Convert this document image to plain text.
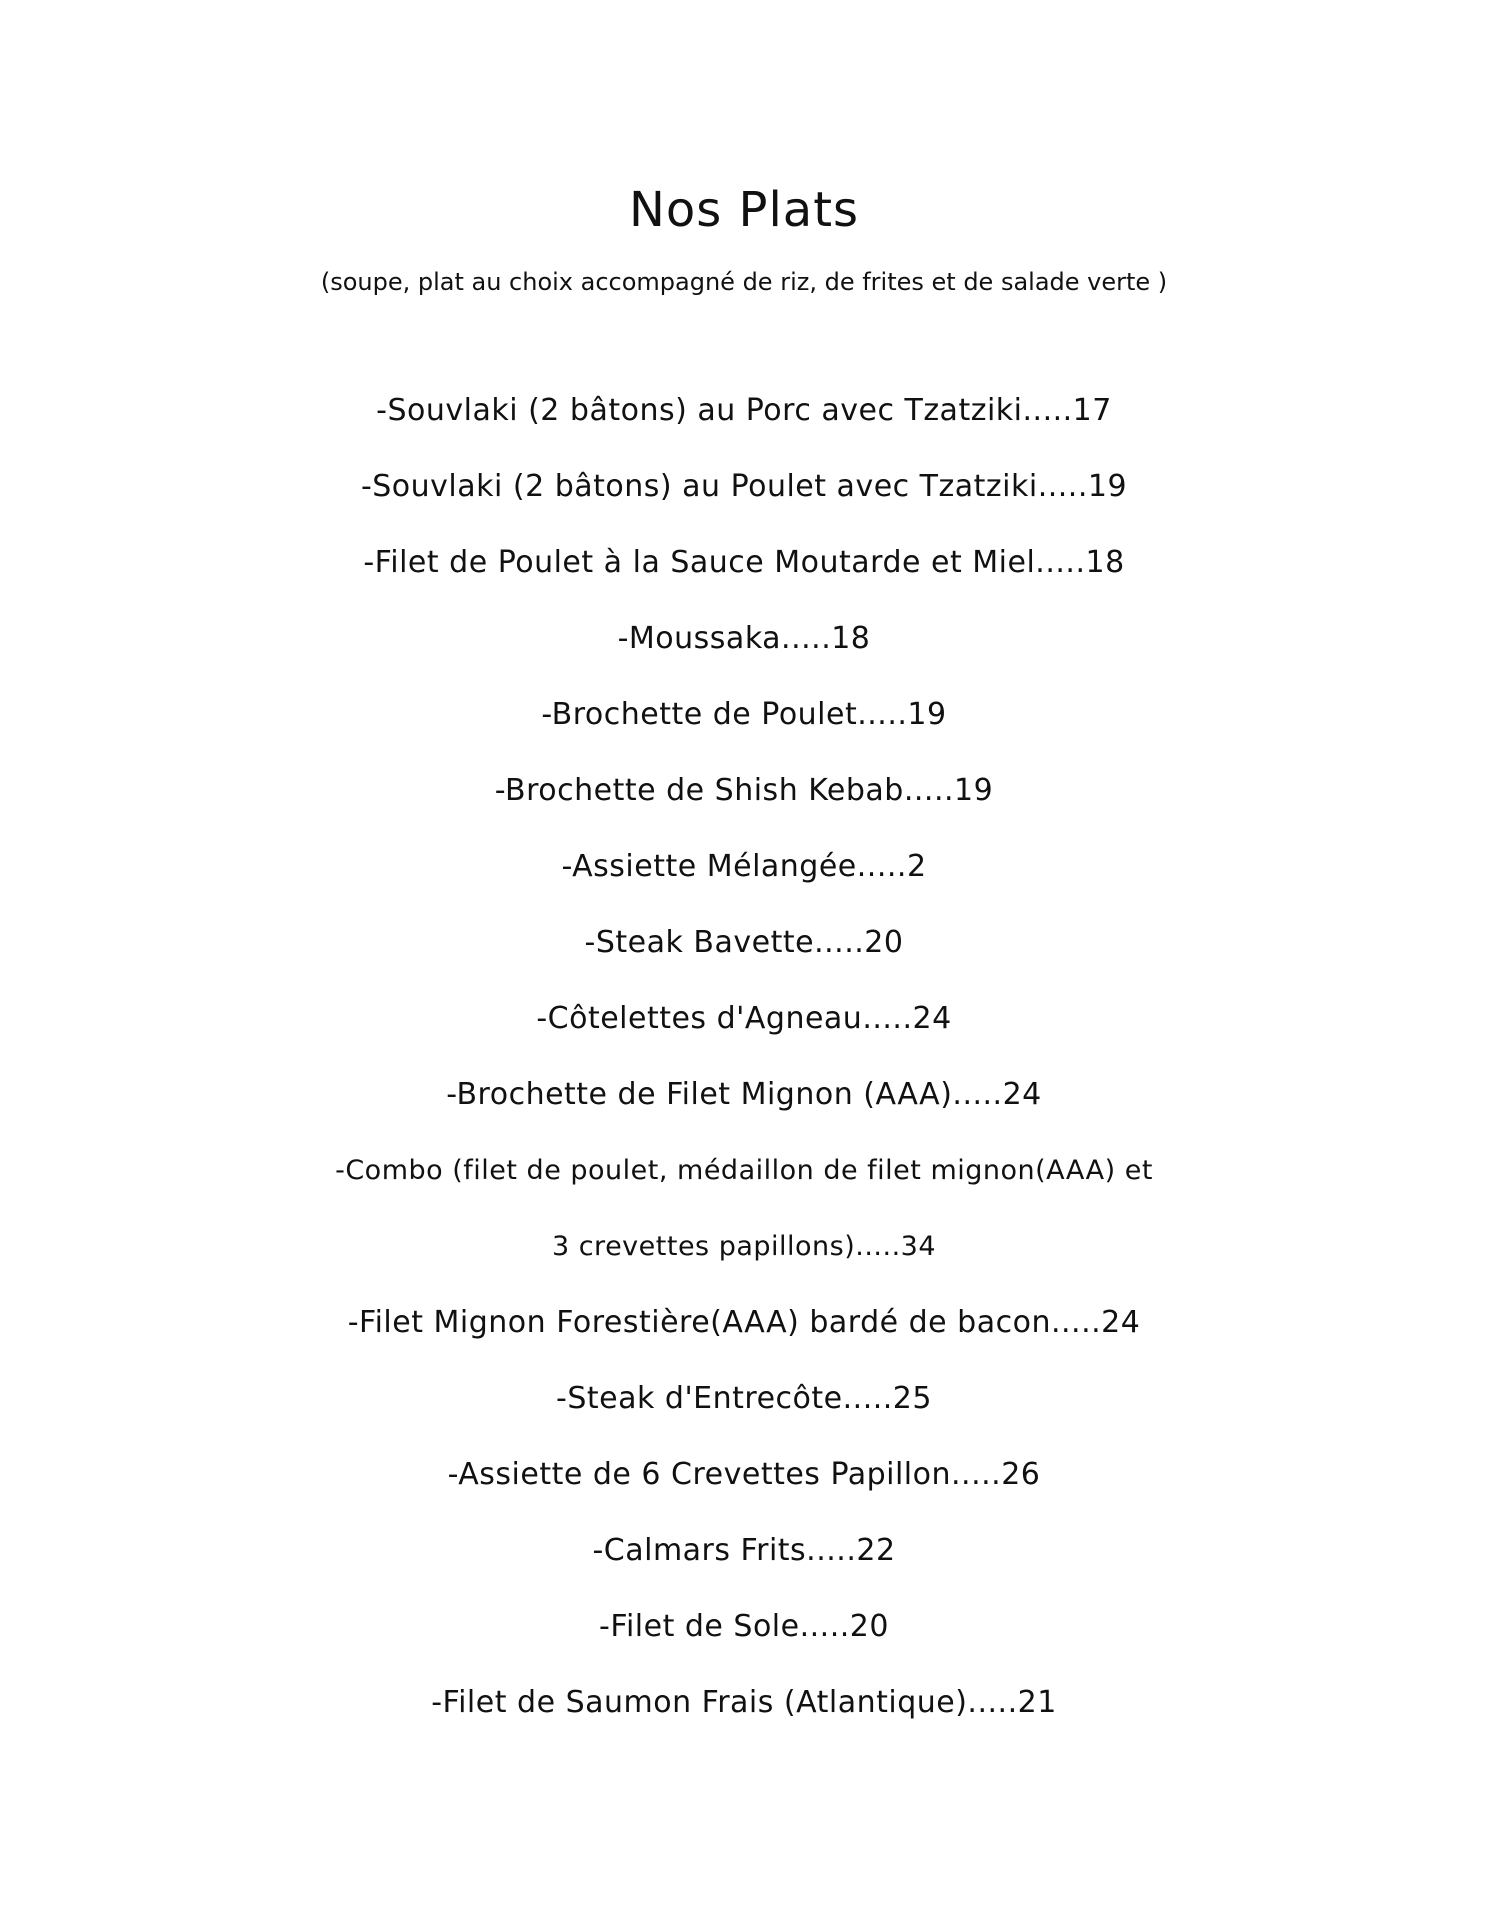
Nos Plats

(soupe, plat au choix accompagné de riz, de frites et de salade verte )

-Souvlaki (2 bâtons) au Porc avec Tzatziki.....17
-Souvlaki (2 bâtons) au Poulet avec Tzatziki.....19
-Filet de Poulet à la Sauce Moutarde et Miel.....18
-Moussaka.....18
-Brochette de Poulet.....19
-Brochette de Shish Kebab.....19
-Assiette Mélangée.....2
-Steak Bavette.....20
-Côtelettes d'Agneau.....24
-Brochette de Filet Mignon (AAA).....24
-Combo (filet de poulet, médaillon de filet mignon(AAA) et
3 crevettes papillons).....34
-Filet Mignon Forestière(AAA) bardé de bacon.....24
-Steak d'Entrecôte.....25
-Assiette de 6 Crevettes Papillon.....26
-Calmars Frits.....22
-Filet de Sole.....20
-Filet de Saumon Frais (Atlantique).....21
